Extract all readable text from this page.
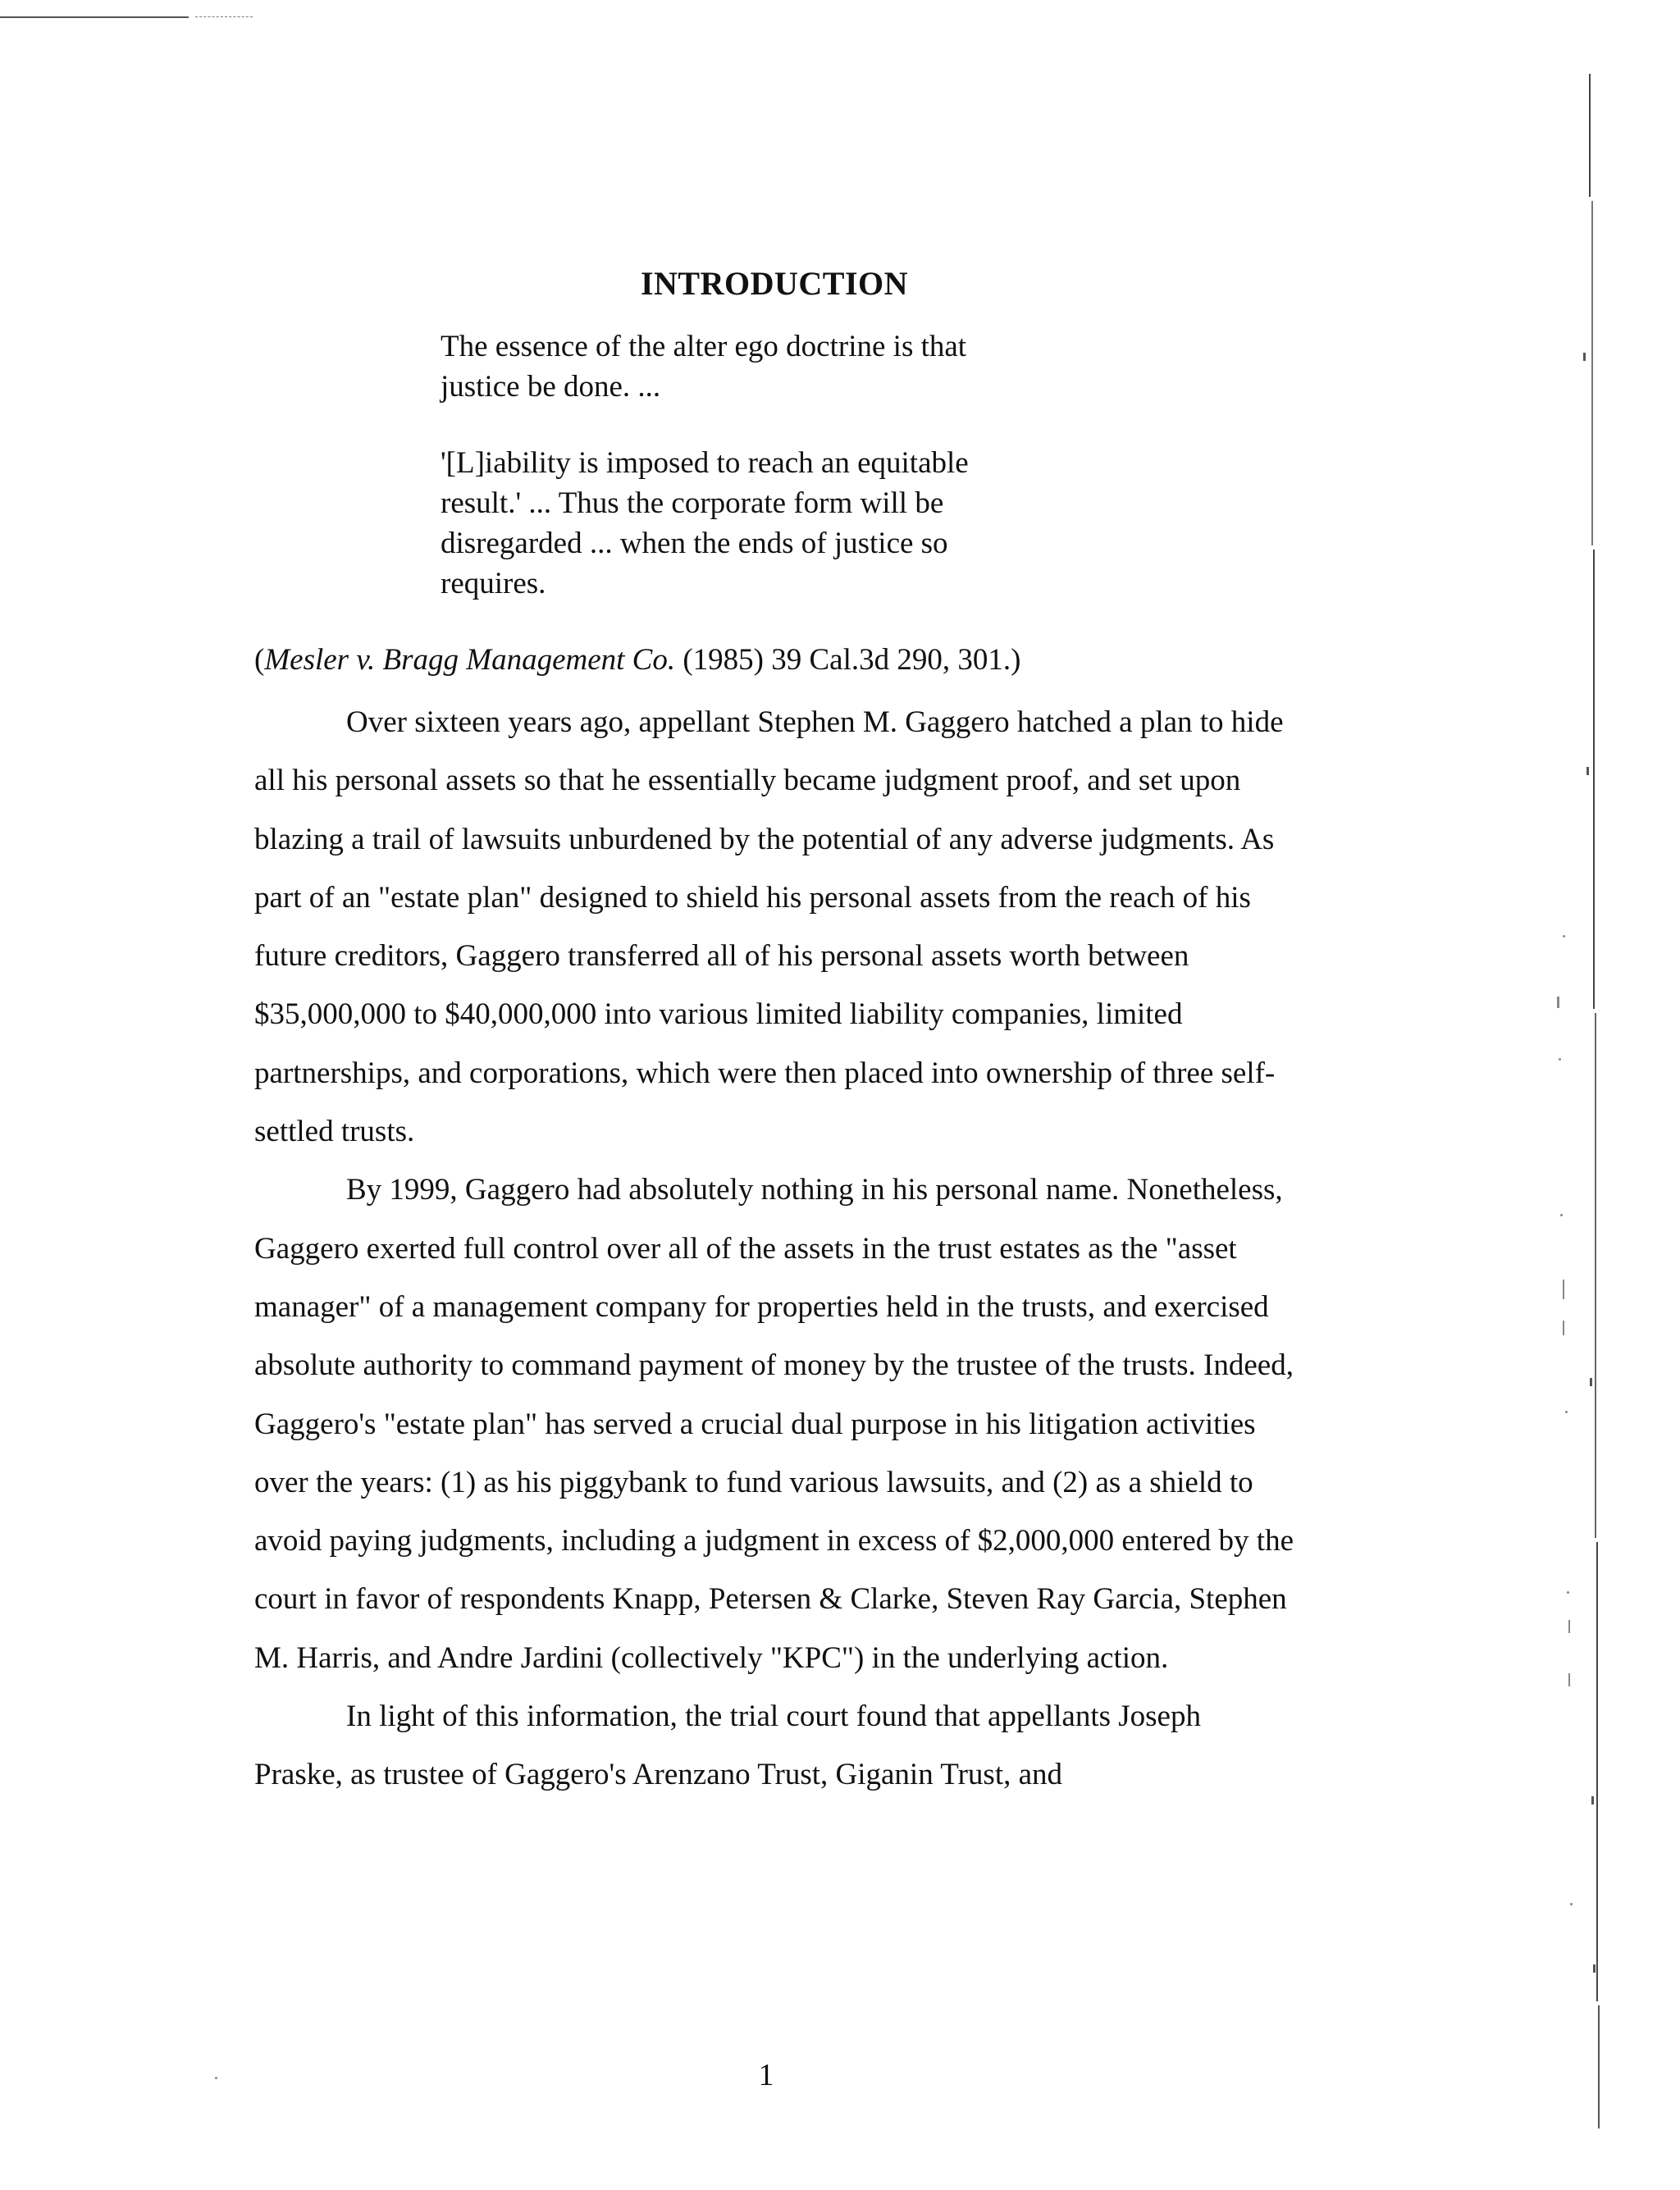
INTRODUCTION

The essence of the alter ego doctrine is that

justice be done. ...

'[L]iability is imposed to reach an equitable

result.' ... Thus the corporate form will be

disregarded ... when the ends of justice so

requires.

(Mesler v. Bragg Management Co. (1985) 39 Cal.3d 290, 301.)

Over sixteen years ago, appellant Stephen M. Gaggero hatched a plan to hide all his personal assets so that he essentially became judgment proof, and set upon blazing a trail of lawsuits unburdened by the potential of any adverse judgments. As part of an "estate plan" designed to shield his personal assets from the reach of his future creditors, Gaggero transferred all of his personal assets worth between $35,000,000 to $40,000,000 into various limited liability companies, limited partnerships, and corporations, which were then placed into ownership of three self-settled trusts.

By 1999, Gaggero had absolutely nothing in his personal name. Nonetheless, Gaggero exerted full control over all of the assets in the trust estates as the "asset manager" of a management company for properties held in the trusts, and exercised absolute authority to command payment of money by the trustee of the trusts. Indeed, Gaggero's "estate plan" has served a crucial dual purpose in his litigation activities over the years: (1) as his piggybank to fund various lawsuits, and (2) as a shield to avoid paying judgments, including a judgment in excess of $2,000,000 entered by the court in favor of respondents Knapp, Petersen & Clarke, Steven Ray Garcia, Stephen M. Harris, and Andre Jardini (collectively "KPC") in the underlying action.

In light of this information, the trial court found that appellants Joseph Praske, as trustee of Gaggero's Arenzano Trust, Giganin Trust, and

1
